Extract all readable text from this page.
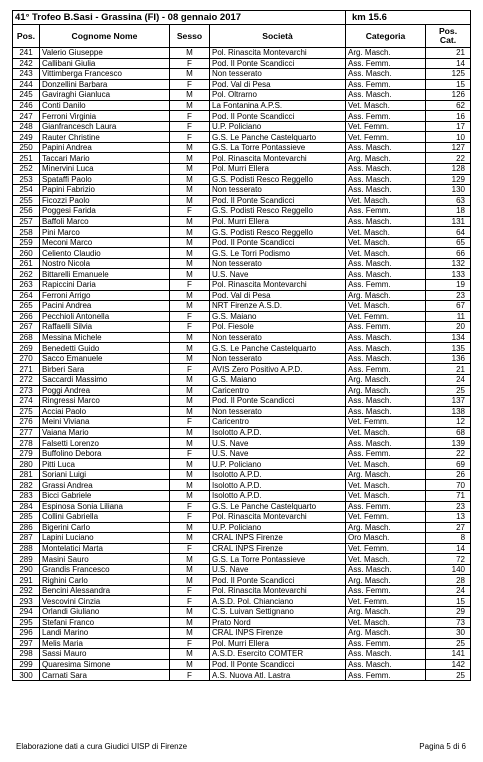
41° Trofeo B.Sasi - Grassina (FI) - 08 gennaio 2017				km 15.6	
Pos.	Cognome Nome	Sesso	Società	Categoria	Pos.
Cat.
241	Valerio Giuseppe	M	Pol. Rinascita Montevarchi	Arg. Masch.	21
242	Callibani Giulia	F	Pod. Il Ponte Scandicci	Ass. Femm.	14
243	Vittimberga Francesco	M	Non tesserato	Ass. Masch.	125
244	Donzellini Barbara	F	Pod. Val di Pesa	Ass. Femm.	15
245	Gaviraghi Gianluca	M	Pol. Oltrarno	Ass. Masch.	126
246	Conti Danilo	M	La Fontanina A.P.S.	Vet. Masch.	62
247	Ferroni Virginia	F	Pod. Il Ponte Scandicci	Ass. Femm.	16
248	Gianfrancesch Laura	F	U.P. Policiano	Vet. Femm.	17
249	Rauter Christine	F	G.S. Le Panche Castelquarto	Vet. Femm.	10
250	Papini Andrea	M	G.S. La Torre Pontassieve	Ass. Masch.	127
251	Taccari Mario	M	Pol. Rinascita Montevarchi	Arg. Masch.	22
252	Minervini Luca	M	Pol. Murri Ellera	Ass. Masch.	128
253	Spataffi Paolo	M	G.S. Podisti Resco Reggello	Ass. Masch.	129
254	Papini Fabrizio	M	Non tesserato	Ass. Masch.	130
255	Ficozzi Paolo	M	Pod. Il Ponte Scandicci	Vet. Masch.	63
256	Poggesi Farida	F	G.S. Podisti Resco Reggello	Ass. Femm.	18
257	Baffoli Marco	M	Pol. Murri Ellera	Ass. Masch.	131
258	Pini Marco	M	G.S. Podisti Resco Reggello	Vet. Masch.	64
259	Meconi Marco	M	Pod. Il Ponte Scandicci	Vet. Masch.	65
260	Celiento Claudio	M	G.S. Le Torri Podismo	Vet. Masch.	66
261	Nostro Nicola	M	Non tesserato	Ass. Masch.	132
262	Bittarelli Emanuele	M	U.S. Nave	Ass. Masch.	133
263	Rapiccini Daria	F	Pol. Rinascita Montevarchi	Ass. Femm.	19
264	Ferroni Arrigo	M	Pod. Val di Pesa	Arg. Masch.	23
265	Pacini Andrea	M	NRT Firenze A.S.D.	Vet. Masch.	67
266	Pecchioli Antonella	F	G.S. Maiano	Vet. Femm.	11
267	Raffaelli Silvia	F	Pol. Fiesole	Ass. Femm.	20
268	Messina Michele	M	Non tesserato	Ass. Masch.	134
269	Benedetti Guido	M	G.S. Le Panche Castelquarto	Ass. Masch.	135
270	Sacco Emanuele	M	Non tesserato	Ass. Masch.	136
271	Birberi Sara	F	AVIS Zero Positivo A.P.D.	Ass. Femm.	21
272	Saccardi Massimo	M	G.S. Maiano	Arg. Masch.	24
273	Poggi Andrea	M	Caricentro	Arg. Masch.	25
274	Ringressi Marco	M	Pod. Il Ponte Scandicci	Ass. Masch.	137
275	Acciai Paolo	M	Non tesserato	Ass. Masch.	138
276	Meini Viviana	F	Caricentro	Vet. Femm.	12
277	Vaiana Mario	M	Isolotto A.P.D.	Vet. Masch.	68
278	Falsetti Lorenzo	M	U.S. Nave	Ass. Masch.	139
279	Buffolino Debora	F	U.S. Nave	Ass. Femm.	22
280	Pitti Luca	M	U.P. Policiano	Vet. Masch.	69
281	Soriani Luigi	M	Isolotto A.P.D.	Arg. Masch.	26
282	Grassi Andrea	M	Isolotto A.P.D.	Vet. Masch.	70
283	Bicci Gabriele	M	Isolotto A.P.D.	Vet. Masch.	71
284	Espinosa Sonia Liliana	F	G.S. Le Panche Castelquarto	Ass. Femm.	23
285	Collini Gabriella	F	Pol. Rinascita Montevarchi	Vet. Femm.	13
286	Bigerini Carlo	M	U.P. Policiano	Arg. Masch.	27
287	Lapini Luciano	M	CRAL INPS Firenze	Oro Masch.	8
288	Montelatici Marta	F	CRAL INPS Firenze	Vet. Femm.	14
289	Masini Sauro	M	G.S. La Torre Pontassieve	Vet. Masch.	72
290	Grandis Francesco	M	U.S. Nave	Ass. Masch.	140
291	Righini Carlo	M	Pod. Il Ponte Scandicci	Arg. Masch.	28
292	Bencini Alessandra	F	Pol. Rinascita Montevarchi	Ass. Femm.	24
293	Vescovini Cinzia	F	A.S.D. Pol. Chianciano	Vet. Femm.	15
294	Orlandi Giuliano	M	C.S. Luivan Settignano	Arg. Masch.	29
295	Stefani Franco	M	Prato Nord	Vet. Masch.	73
296	Landi Marino	M	CRAL INPS Firenze	Arg. Masch.	30
297	Melis Maria	F	Pol. Murri Ellera	Ass. Femm.	25
298	Sassi Mauro	M	A.S.D. Esercito COMTER	Ass. Masch.	141
299	Quaresima Simone	M	Pod. Il Ponte Scandicci	Ass. Masch.	142
300	Carnati Sara	F	A.S. Nuova Atl. Lastra	Ass. Femm.	25
Elaborazione dati a cura Giudici UISP di Firenze	Pagina 5 di 6
